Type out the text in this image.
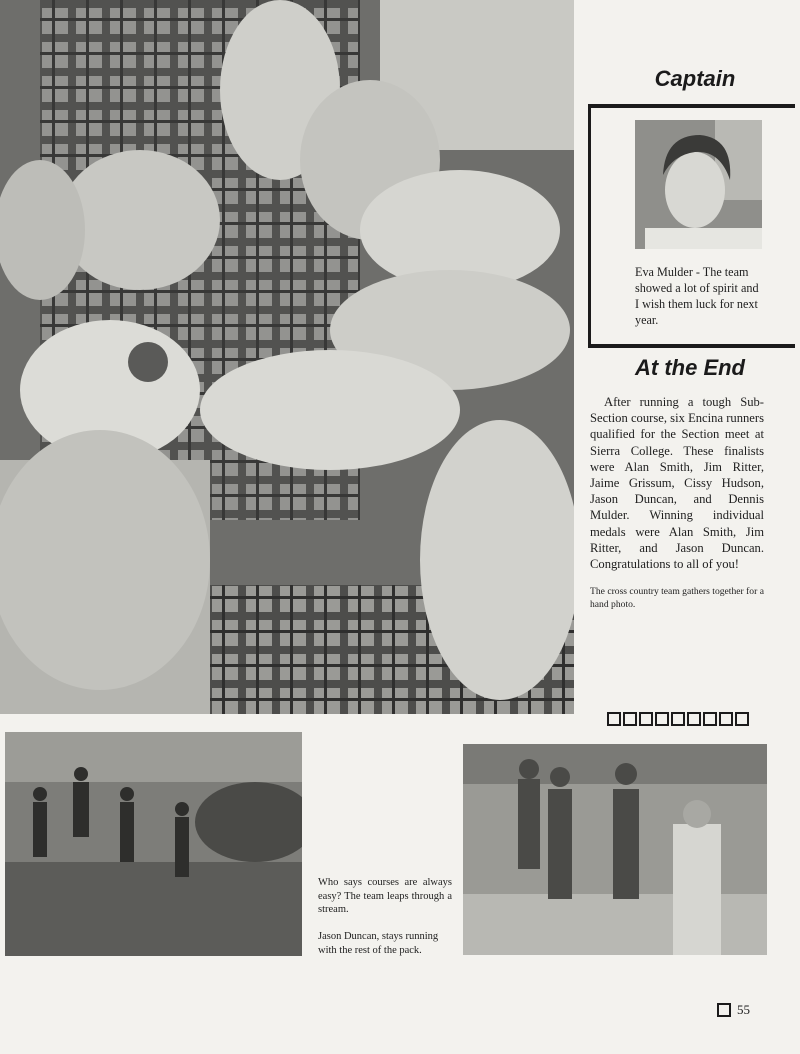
Captain

Eva Mulder - The team showed a lot of spirit and I wish them luck for next year.

At the End

After running a tough Sub-Section course, six Encina runners qualified for the Section meet at Sierra College. These finalists were Alan Smith, Jim Ritter, Jaime Grissum, Cissy Hudson, Jason Duncan, and Dennis Mulder. Winning individual medals were Alan Smith, Jim Ritter, and Jason Duncan. Congratulations to all of you!

The cross country team gathers together for a hand photo.

Who says courses are always easy? The team leaps through a stream.

Jason Duncan, stays running with the rest of the pack.

55
